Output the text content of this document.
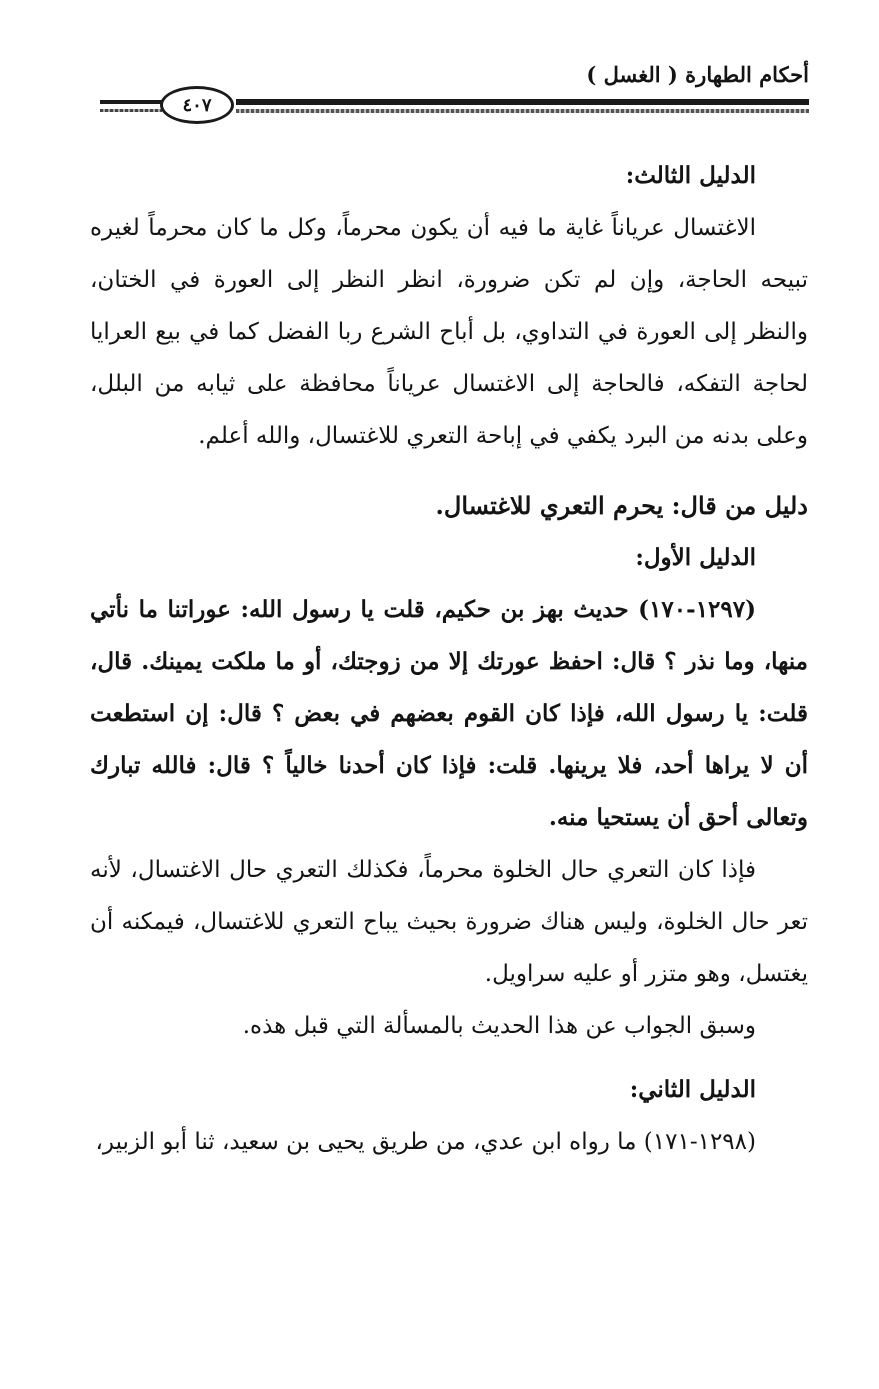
أحكام الطهارة ( الغسل )
٤٠٧

الدليل الثالث:

الاغتسال عرياناً غاية ما فيه أن يكون محرماً، وكل ما كان محرماً لغيره تبيحه الحاجة، وإن لم تكن ضرورة، انظر النظر إلى العورة في الختان، والنظر إلى العورة في التداوي، بل أباح الشرع ربا الفضل كما في بيع العرايا لحاجة التفكه، فالحاجة إلى الاغتسال عرياناً محافظة على ثيابه من البلل، وعلى بدنه من البرد يكفي في إباحة التعري للاغتسال، والله أعلم.

دليل من قال: يحرم التعري للاغتسال.

الدليل الأول:

(١٢٩٧-١٧٠) حديث بهز بن حكيم، قلت يا رسول الله: عوراتنا ما نأتي منها، وما نذر ؟ قال: احفظ عورتك إلا من زوجتك، أو ما ملكت يمينك. قال، قلت: يا رسول الله، فإذا كان القوم بعضهم في بعض ؟ قال: إن استطعت أن لا يراها أحد، فلا يرينها. قلت: فإذا كان أحدنا خالياً ؟ قال: فالله تبارك وتعالى أحق أن يستحيا منه.

فإذا كان التعري حال الخلوة محرماً، فكذلك التعري حال الاغتسال، لأنه تعر حال الخلوة، وليس هناك ضرورة بحيث يباح التعري للاغتسال، فيمكنه أن يغتسل، وهو متزر أو عليه سراويل.

وسبق الجواب عن هذا الحديث بالمسألة التي قبل هذه.

الدليل الثاني:

(١٢٩٨-١٧١) ما رواه ابن عدي، من طريق يحيى بن سعيد، ثنا أبو الزبير،
